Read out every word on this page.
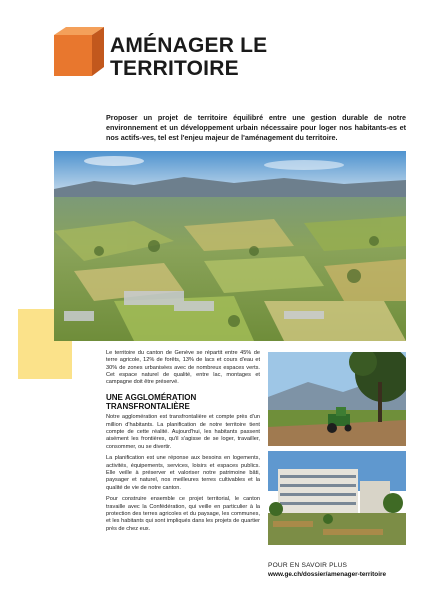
AMÉNAGER LE
TERRITOIRE

Proposer un projet de territoire équilibré entre une gestion durable de notre environnement et un développement urbain nécessaire pour loger nos habitants-es et nos actifs-ves, tel est l'enjeu majeur de l'aménagement du territoire.

Le territoire du canton de Genève se répartit entre 45% de terre agricole, 12% de forêts, 13% de lacs et cours d'eau et 30% de zones urbanisées avec de nombreux espaces verts. Cet espace naturel de qualité, entre lac, montages et campagne doit être préservé.

UNE AGGLOMÉRATION
TRANSFRONTALIÈRE

Notre agglomération est transfrontalière et compte près d'un million d'habitants. La planification de notre territoire tient compte de cette réalité. Aujourd'hui, les habitants passent aisément les frontières, qu'il s'agisse de se loger, travailler, consommer, ou se divertir.

La planification est une réponse aux besoins en logements, activités, équipements, services, loisirs et espaces publics. Elle veille à préserver et valoriser notre patrimoine bâti, paysager et naturel, nos meilleures terres cultivables et la qualité de vie de notre canton.

Pour construire ensemble ce projet territorial, le canton travaille avec la Confédération, qui veille en particulier à la protection des terres agricoles et du paysage, les communes, et les habitants qui sont impliqués dans les projets de quartier près de chez eux.

POUR EN SAVOIR PLUS
www.ge.ch/dossier/amenager-territoire
